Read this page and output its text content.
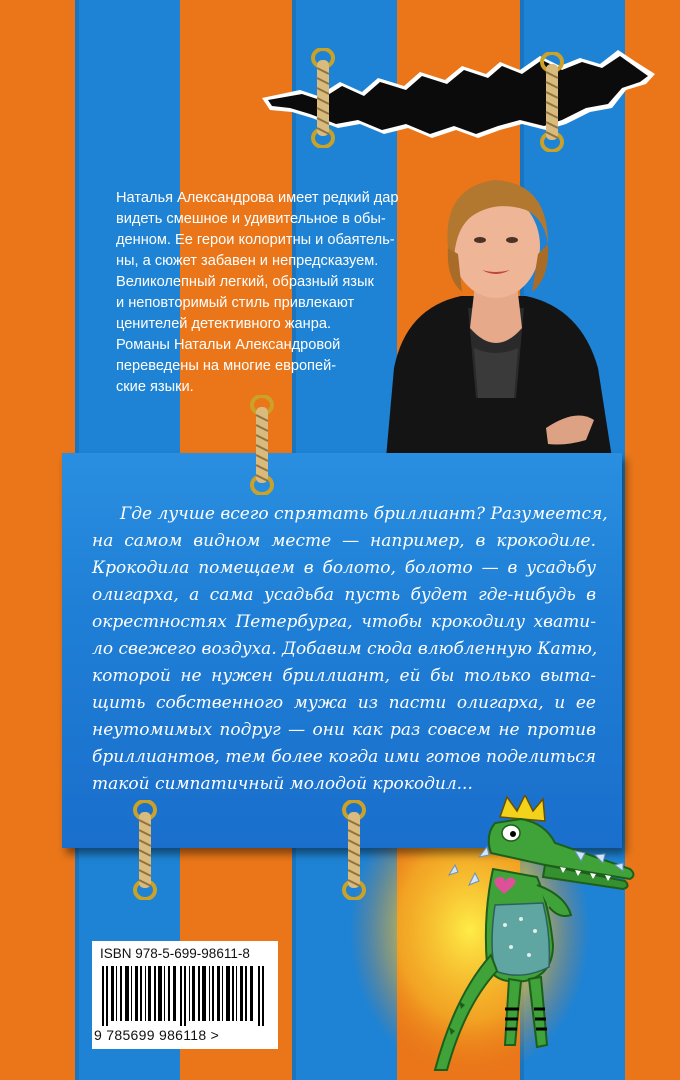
Наталья Александрова имеет редкий дар
видеть смешное и удивительное в обы-
денном. Ее герои колоритны и обаятель-
ны, а сюжет забавен и непредсказуем.
Великолепный легкий, образный язык
и неповторимый стиль привлекают
ценителей детективного жанра.
Романы Натальи Александровой
переведены на многие европей-
ские языки.
Где лучше всего спрятать бриллиант? Разумеется,
на самом видном месте — например, в крокодиле.
Крокодила помещаем в болото, болото — в усадьбу
олигарха, а сама усадьба пусть будет где-нибудь в
окрестностях Петербурга, чтобы крокодилу хвати-
ло свежего воздуха. Добавим сюда влюбленную Катю,
которой не нужен бриллиант, ей бы только выта-
щить собственного мужа из пасти олигарха, и ее
неутомимых подруг — они как раз совсем не против
бриллиантов, тем более когда ими готов поделиться
такой симпатичный молодой крокодил...
ISBN 978-5-699-98611-8
9 785699 986118 >
